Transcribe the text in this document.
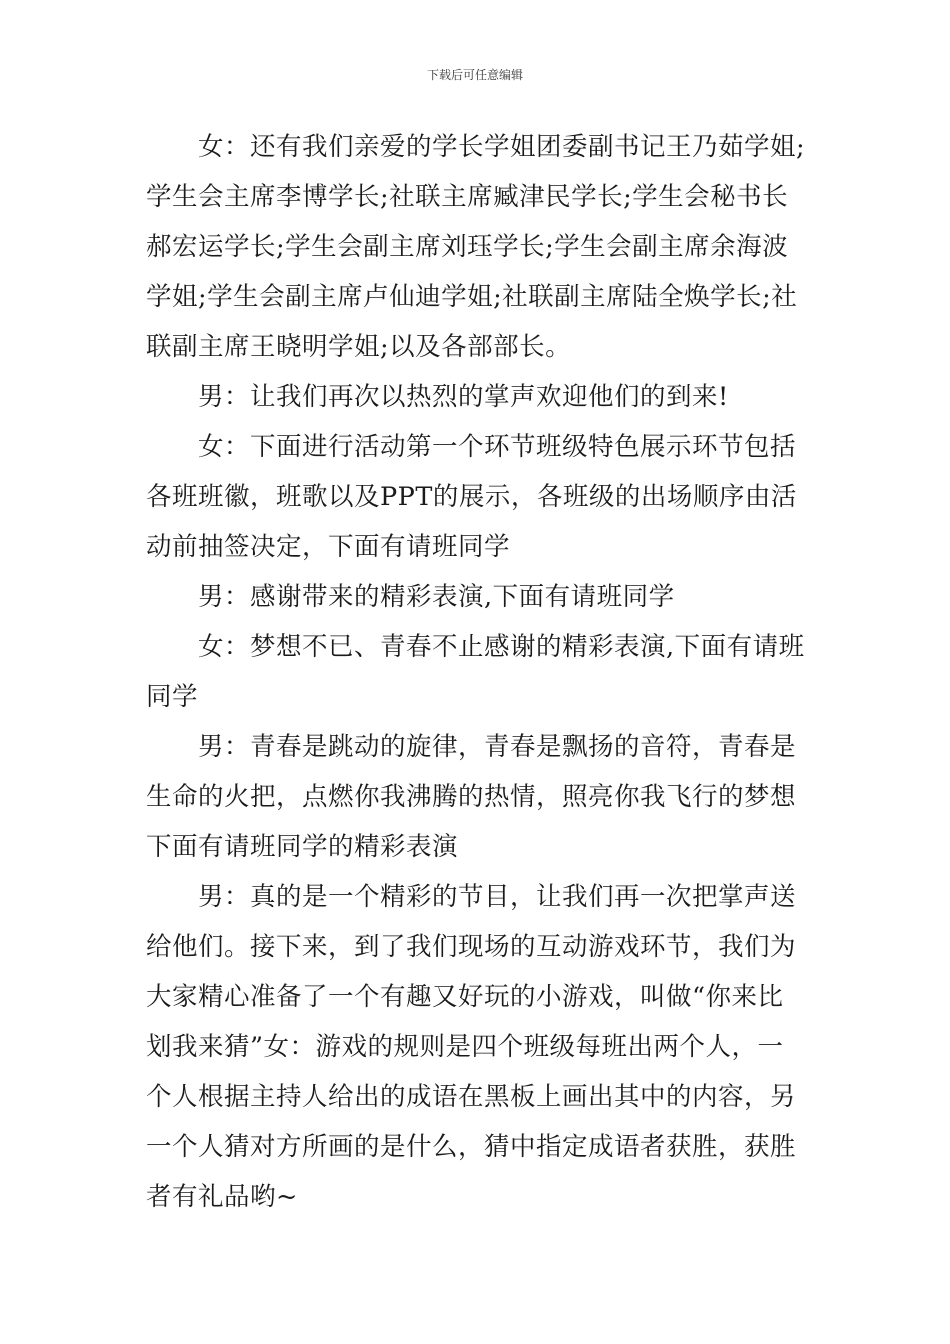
下载后可任意编辑

女：还有我们亲爱的学长学姐团委副书记王乃茹学姐;学生会主席李博学长;社联主席臧津民学长;学生会秘书长郝宏运学长;学生会副主席刘珏学长;学生会副主席余海波学姐;学生会副主席卢仙迪学姐;社联副主席陆全焕学长;社联副主席王晓明学姐;以及各部部长。

男：让我们再次以热烈的掌声欢迎他们的到来!

女：下面进行活动第一个环节班级特色展示环节包括各班班徽，班歌以及PPT的展示，各班级的出场顺序由活动前抽签决定，下面有请班同学

男：感谢带来的精彩表演,下面有请班同学

女：梦想不已、青春不止感谢的精彩表演,下面有请班同学

男：青春是跳动的旋律，青春是飘扬的音符，青春是生命的火把，点燃你我沸腾的热情，照亮你我飞行的梦想下面有请班同学的精彩表演

男：真的是一个精彩的节目，让我们再一次把掌声送给他们。接下来，到了我们现场的互动游戏环节，我们为大家精心准备了一个有趣又好玩的小游戏，叫做“你来比划我来猜”女：游戏的规则是四个班级每班出两个人，一个人根据主持人给出的成语在黑板上画出其中的内容，另一个人猜对方所画的是什么，猜中指定成语者获胜，获胜者有礼品哟~
